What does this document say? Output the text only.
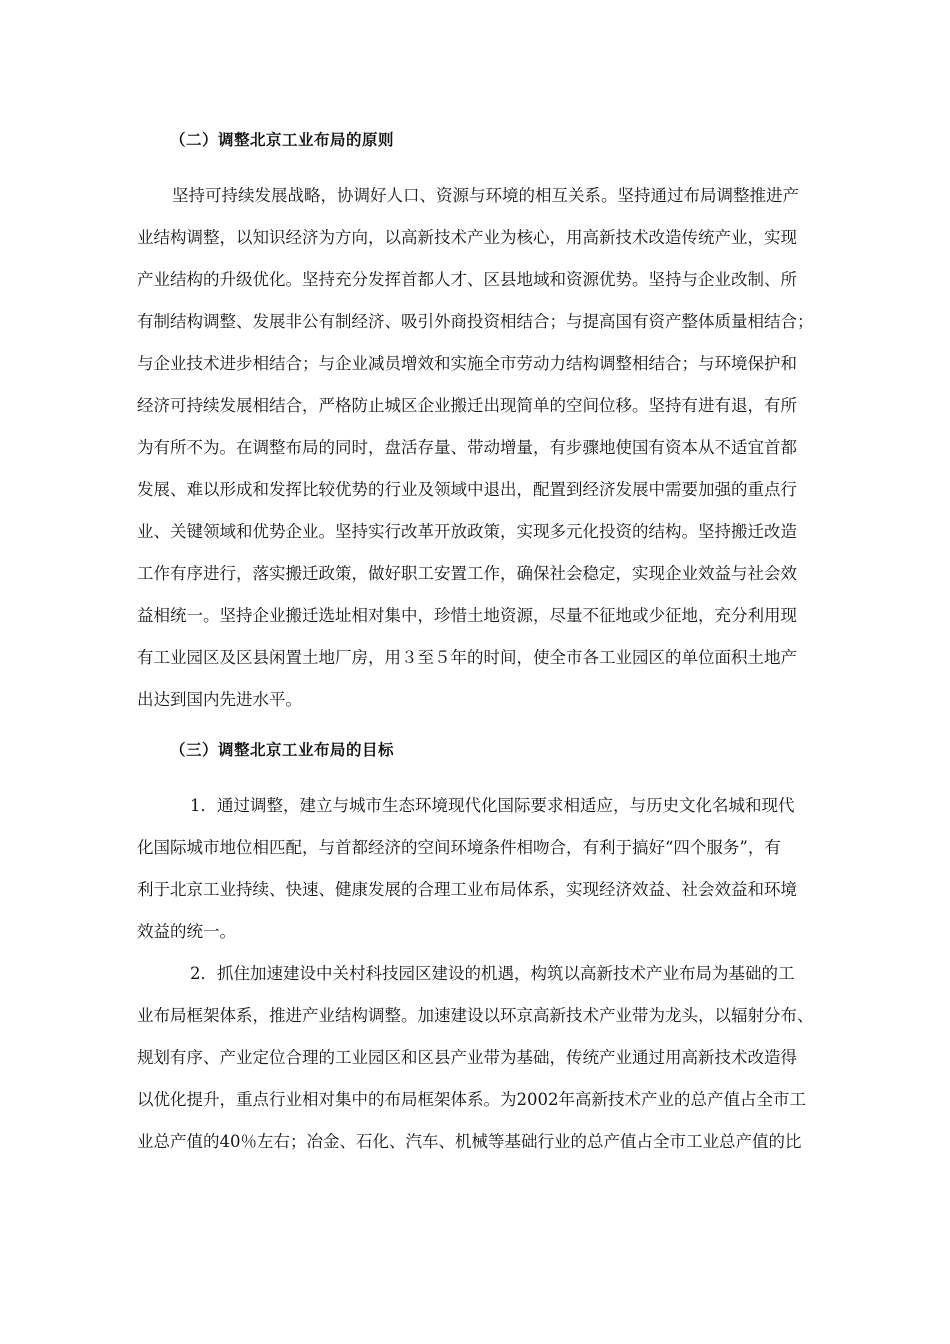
（二）调整北京工业布局的原则
坚持可持续发展战略，协调好人口、资源与环境的相互关系。坚持通过布局调整推进产
业结构调整，以知识经济为方向，以高新技术产业为核心，用高新技术改造传统产业，实现
产业结构的升级优化。坚持充分发挥首都人才、区县地域和资源优势。坚持与企业改制、所
有制结构调整、发展非公有制经济、吸引外商投资相结合；与提高国有资产整体质量相结合；
与企业技术进步相结合；与企业减员增效和实施全市劳动力结构调整相结合；与环境保护和
经济可持续发展相结合，严格防止城区企业搬迁出现简单的空间位移。坚持有进有退，有所
为有所不为。在调整布局的同时，盘活存量、带动增量，有步骤地使国有资本从不适宜首都
发展、难以形成和发挥比较优势的行业及领域中退出，配置到经济发展中需要加强的重点行
业、关键领域和优势企业。坚持实行改革开放政策，实现多元化投资的结构。坚持搬迁改造
工作有序进行，落实搬迁政策，做好职工安置工作，确保社会稳定，实现企业效益与社会效
益相统一。坚持企业搬迁选址相对集中，珍惜土地资源，尽量不征地或少征地，充分利用现
有工业园区及区县闲置土地厂房，用３至５年的时间，使全市各工业园区的单位面积土地产
出达到国内先进水平。
（三）调整北京工业布局的目标
1．通过调整，建立与城市生态环境现代化国际要求相适应，与历史文化名城和现代
化国际城市地位相匹配，与首都经济的空间环境条件相吻合，有利于搞好“四个服务”，有
利于北京工业持续、快速、健康发展的合理工业布局体系，实现经济效益、社会效益和环境
效益的统一。
2．抓住加速建设中关村科技园区建设的机遇，构筑以高新技术产业布局为基础的工
业布局框架体系，推进产业结构调整。加速建设以环京高新技术产业带为龙头，以辐射分布、
规划有序、产业定位合理的工业园区和区县产业带为基础，传统产业通过用高新技术改造得
以优化提升，重点行业相对集中的布局框架体系。为2002年高新技术产业的总产值占全市工
业总产值的40％左右；冶金、石化、汽车、机械等基础行业的总产值占全市工业总产值的比
